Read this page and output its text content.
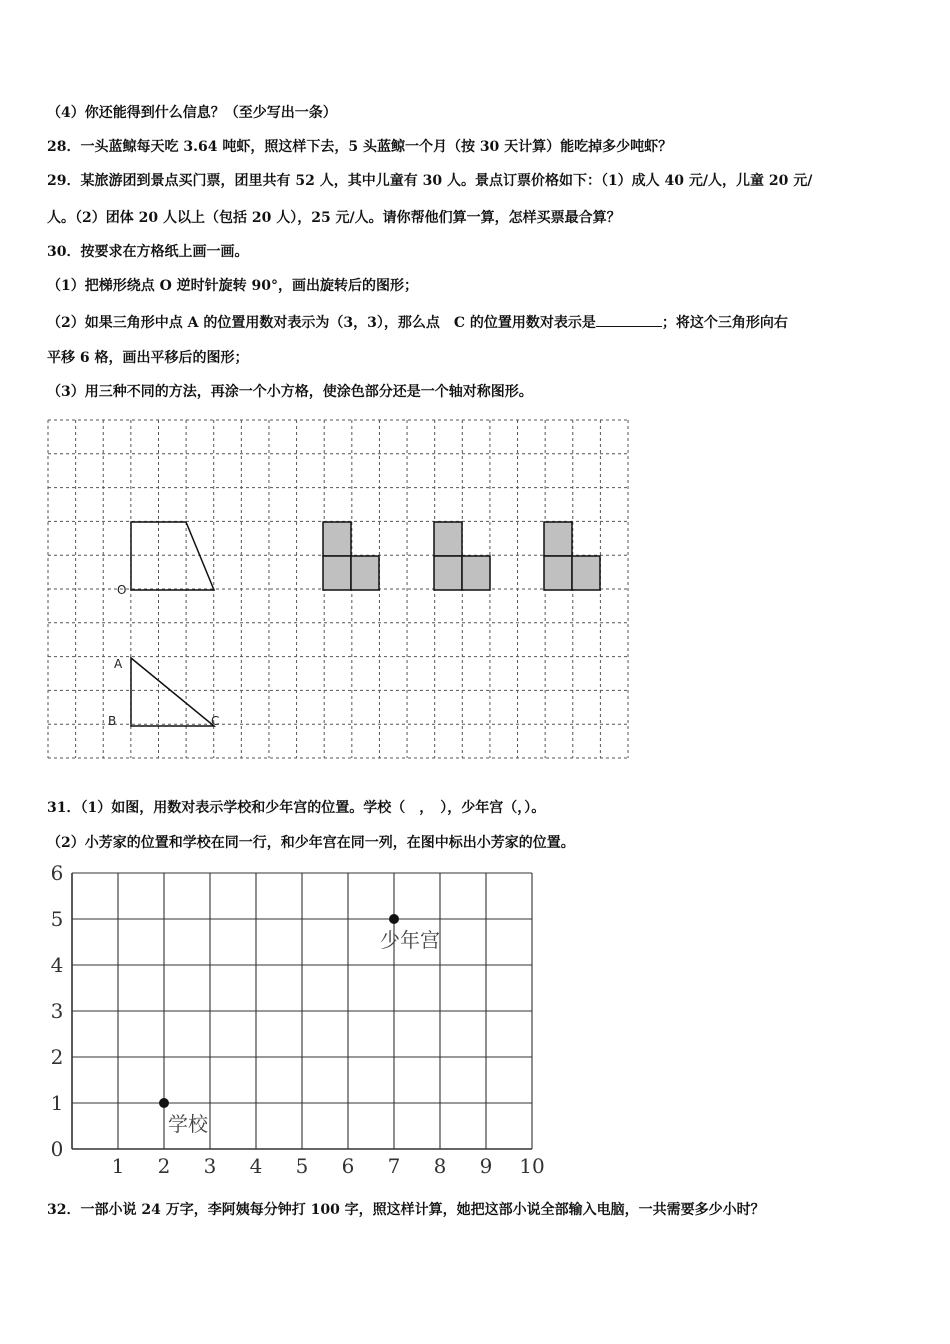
（4）你还能得到什么信息？（至少写出一条）
28．一头蓝鲸每天吃 3.64 吨虾，照这样下去，5 头蓝鲸一个月（按 30 天计算）能吃掉多少吨虾？
29．某旅游团到景点买门票，团里共有 52 人，其中儿童有 30 人。景点订票价格如下：（1）成人 40 元/人，儿童 20 元/
人。（2）团体 20 人以上（包括 20 人），25 元/人。请你帮他们算一算，怎样买票最合算？
30．按要求在方格纸上画一画。
（1）把梯形绕点 O 逆时针旋转 90°，画出旋转后的图形；
（2）如果三角形中点 A 的位置用数对表示为（3，3），那么点　C 的位置用数对表示是	；将这个三角形向右
平移 6 格，画出平移后的图形；
（3）用三种不同的方法，再涂一个小方格，使涂色部分还是一个轴对称图形。
O
A
B	C
31．（1）如图，用数对表示学校和少年宫的位置。学校（　，　），少年宫（，）。
（2）小芳家的位置和学校在同一行，和少年宫在同一列，在图中标出小芳家的位置。
1 2 3 4 5 6 7 8 9 10
0
1
2
3
4
5
6
少年宫
学校
32．一部小说 24 万字，李阿姨每分钟打 100 字，照这样计算，她把这部小说全部输入电脑，一共需要多少小时？
